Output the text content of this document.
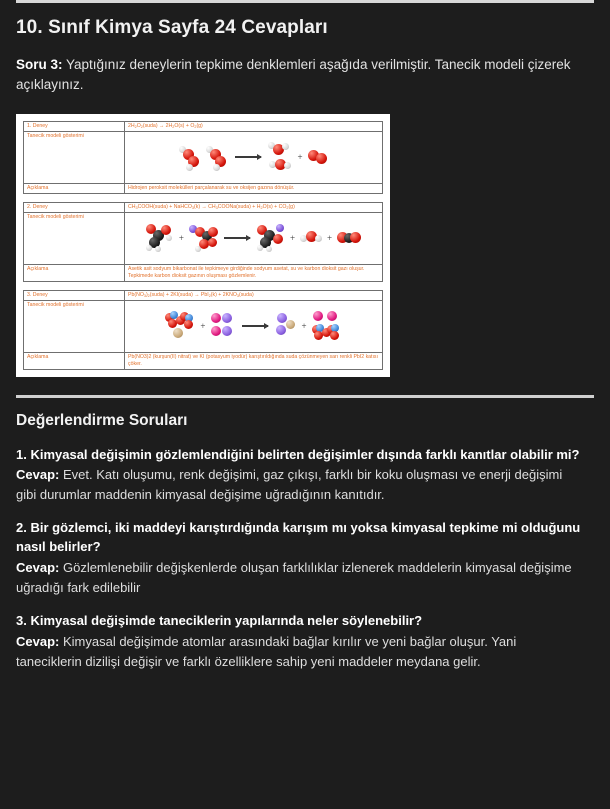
10. Sınıf Kimya Sayfa 24 Cevapları

Soru 3: Yaptığınız deneylerin tepkime denklemleri aşağıda verilmiştir. Tanecik modeli çizerek açıklayınız.

1. Deney	$2H_2O_2(suda) \to 2H_2O(s) + O_2(g)$
Tanecik modeli gösterimi	+

Açıklama	Hidrojen peroksit molekülleri parçalanarak su ve oksijen gazına dönüşür.
2. Deney	$CH_3COOH(suda)$ + NaHCO$_3$(k) → $CH_3COONa(suda) + H_2O(s) + CO_2(g)$
Tanecik modeli gösterimi	+ + +

Açıklama	Asetik asit sodyum bikarbonat ile tepkimeye girdiğinde sodyum asetat, su ve karbon dioksit gazı oluşur. Tepkimede karbon dioksit gazının oluşması gözlemlenir.
3. Deney	$Pb(NO_3)_2(suda)$ + 2KI(suda) → $PbI_2(k) + 2KNO_3(suda)$
Tanecik modeli gösterimi	+ +

Açıklama	Pb(NO3)2 (kurşun(II) nitrat) ve KI (potasyum iyodür) karıştırıldığında suda çözünmeyen sarı renkli PbI2 katısı çöker.
Değerlendirme Soruları

1. Kimyasal değişimin gözlemlendiğini belirten değişimler dışında farklı kanıtlar olabilir mi?

Cevap: Evet. Katı oluşumu, renk değişimi, gaz çıkışı, farklı bir koku oluşması ve enerji değişimi gibi durumlar maddenin kimyasal değişime uğradığının kanıtıdır.

2. Bir gözlemci, iki maddeyi karıştırdığında karışım mı yoksa kimyasal tepkime mi olduğunu nasıl belirler?

Cevap: Gözlemlenebilir değişkenlerde oluşan farklılıklar izlenerek maddelerin kimyasal değişime uğradığı fark edilebilir

3. Kimyasal değişimde taneciklerin yapılarında neler söylenebilir?

Cevap: Kimyasal değişimde atomlar arasındaki bağlar kırılır ve yeni bağlar oluşur. Yani taneciklerin dizilişi değişir ve farklı özelliklere sahip yeni maddeler meydana gelir.
